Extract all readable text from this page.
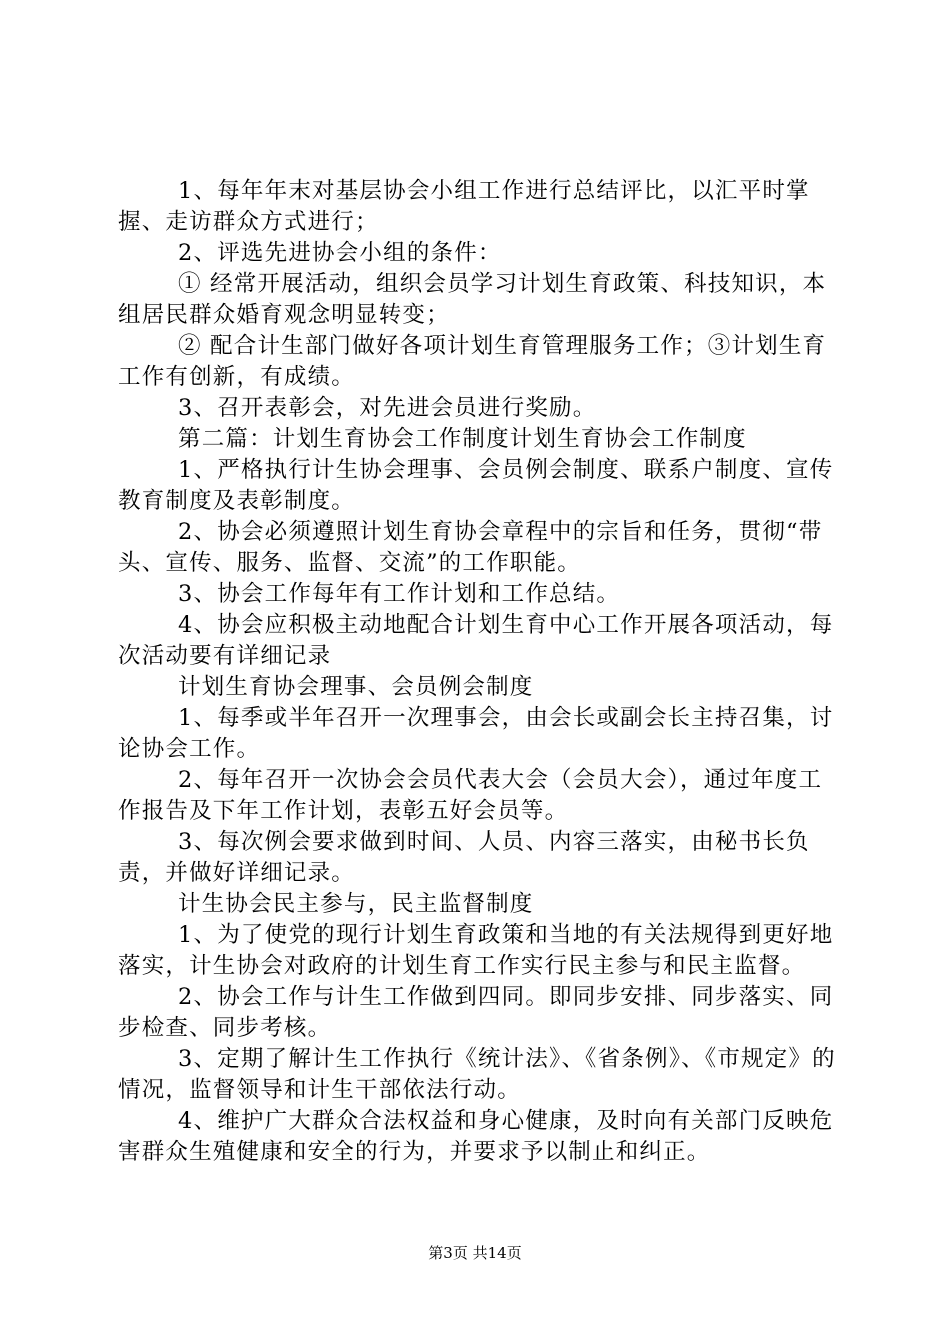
1、每年年末对基层协会小组工作进行总结评比，以汇平时掌握、走访群众方式进行；

2、评选先进协会小组的条件：

① 经常开展活动，组织会员学习计划生育政策、科技知识，本组居民群众婚育观念明显转变；

② 配合计生部门做好各项计划生育管理服务工作；③计划生育工作有创新，有成绩。

3、召开表彰会，对先进会员进行奖励。

第二篇：计划生育协会工作制度计划生育协会工作制度

1、严格执行计生协会理事、会员例会制度、联系户制度、宣传教育制度及表彰制度。

2、协会必须遵照计划生育协会章程中的宗旨和任务，贯彻“带头、宣传、服务、监督、交流”的工作职能。

3、协会工作每年有工作计划和工作总结。

4、协会应积极主动地配合计划生育中心工作开展各项活动，每次活动要有详细记录

计划生育协会理事、会员例会制度

1、每季或半年召开一次理事会，由会长或副会长主持召集，讨论协会工作。

2、每年召开一次协会会员代表大会（会员大会），通过年度工作报告及下年工作计划，表彰五好会员等。

3、每次例会要求做到时间、人员、内容三落实，由秘书长负责，并做好详细记录。

计生协会民主参与，民主监督制度

1、为了使党的现行计划生育政策和当地的有关法规得到更好地落实，计生协会对政府的计划生育工作实行民主参与和民主监督。

2、协会工作与计生工作做到四同。即同步安排、同步落实、同步检查、同步考核。

3、定期了解计生工作执行《统计法》、《省条例》、《市规定》的情况，监督领导和计生干部依法行动。

4、维护广大群众合法权益和身心健康，及时向有关部门反映危害群众生殖健康和安全的行为，并要求予以制止和纠正。

第3页 共14页
